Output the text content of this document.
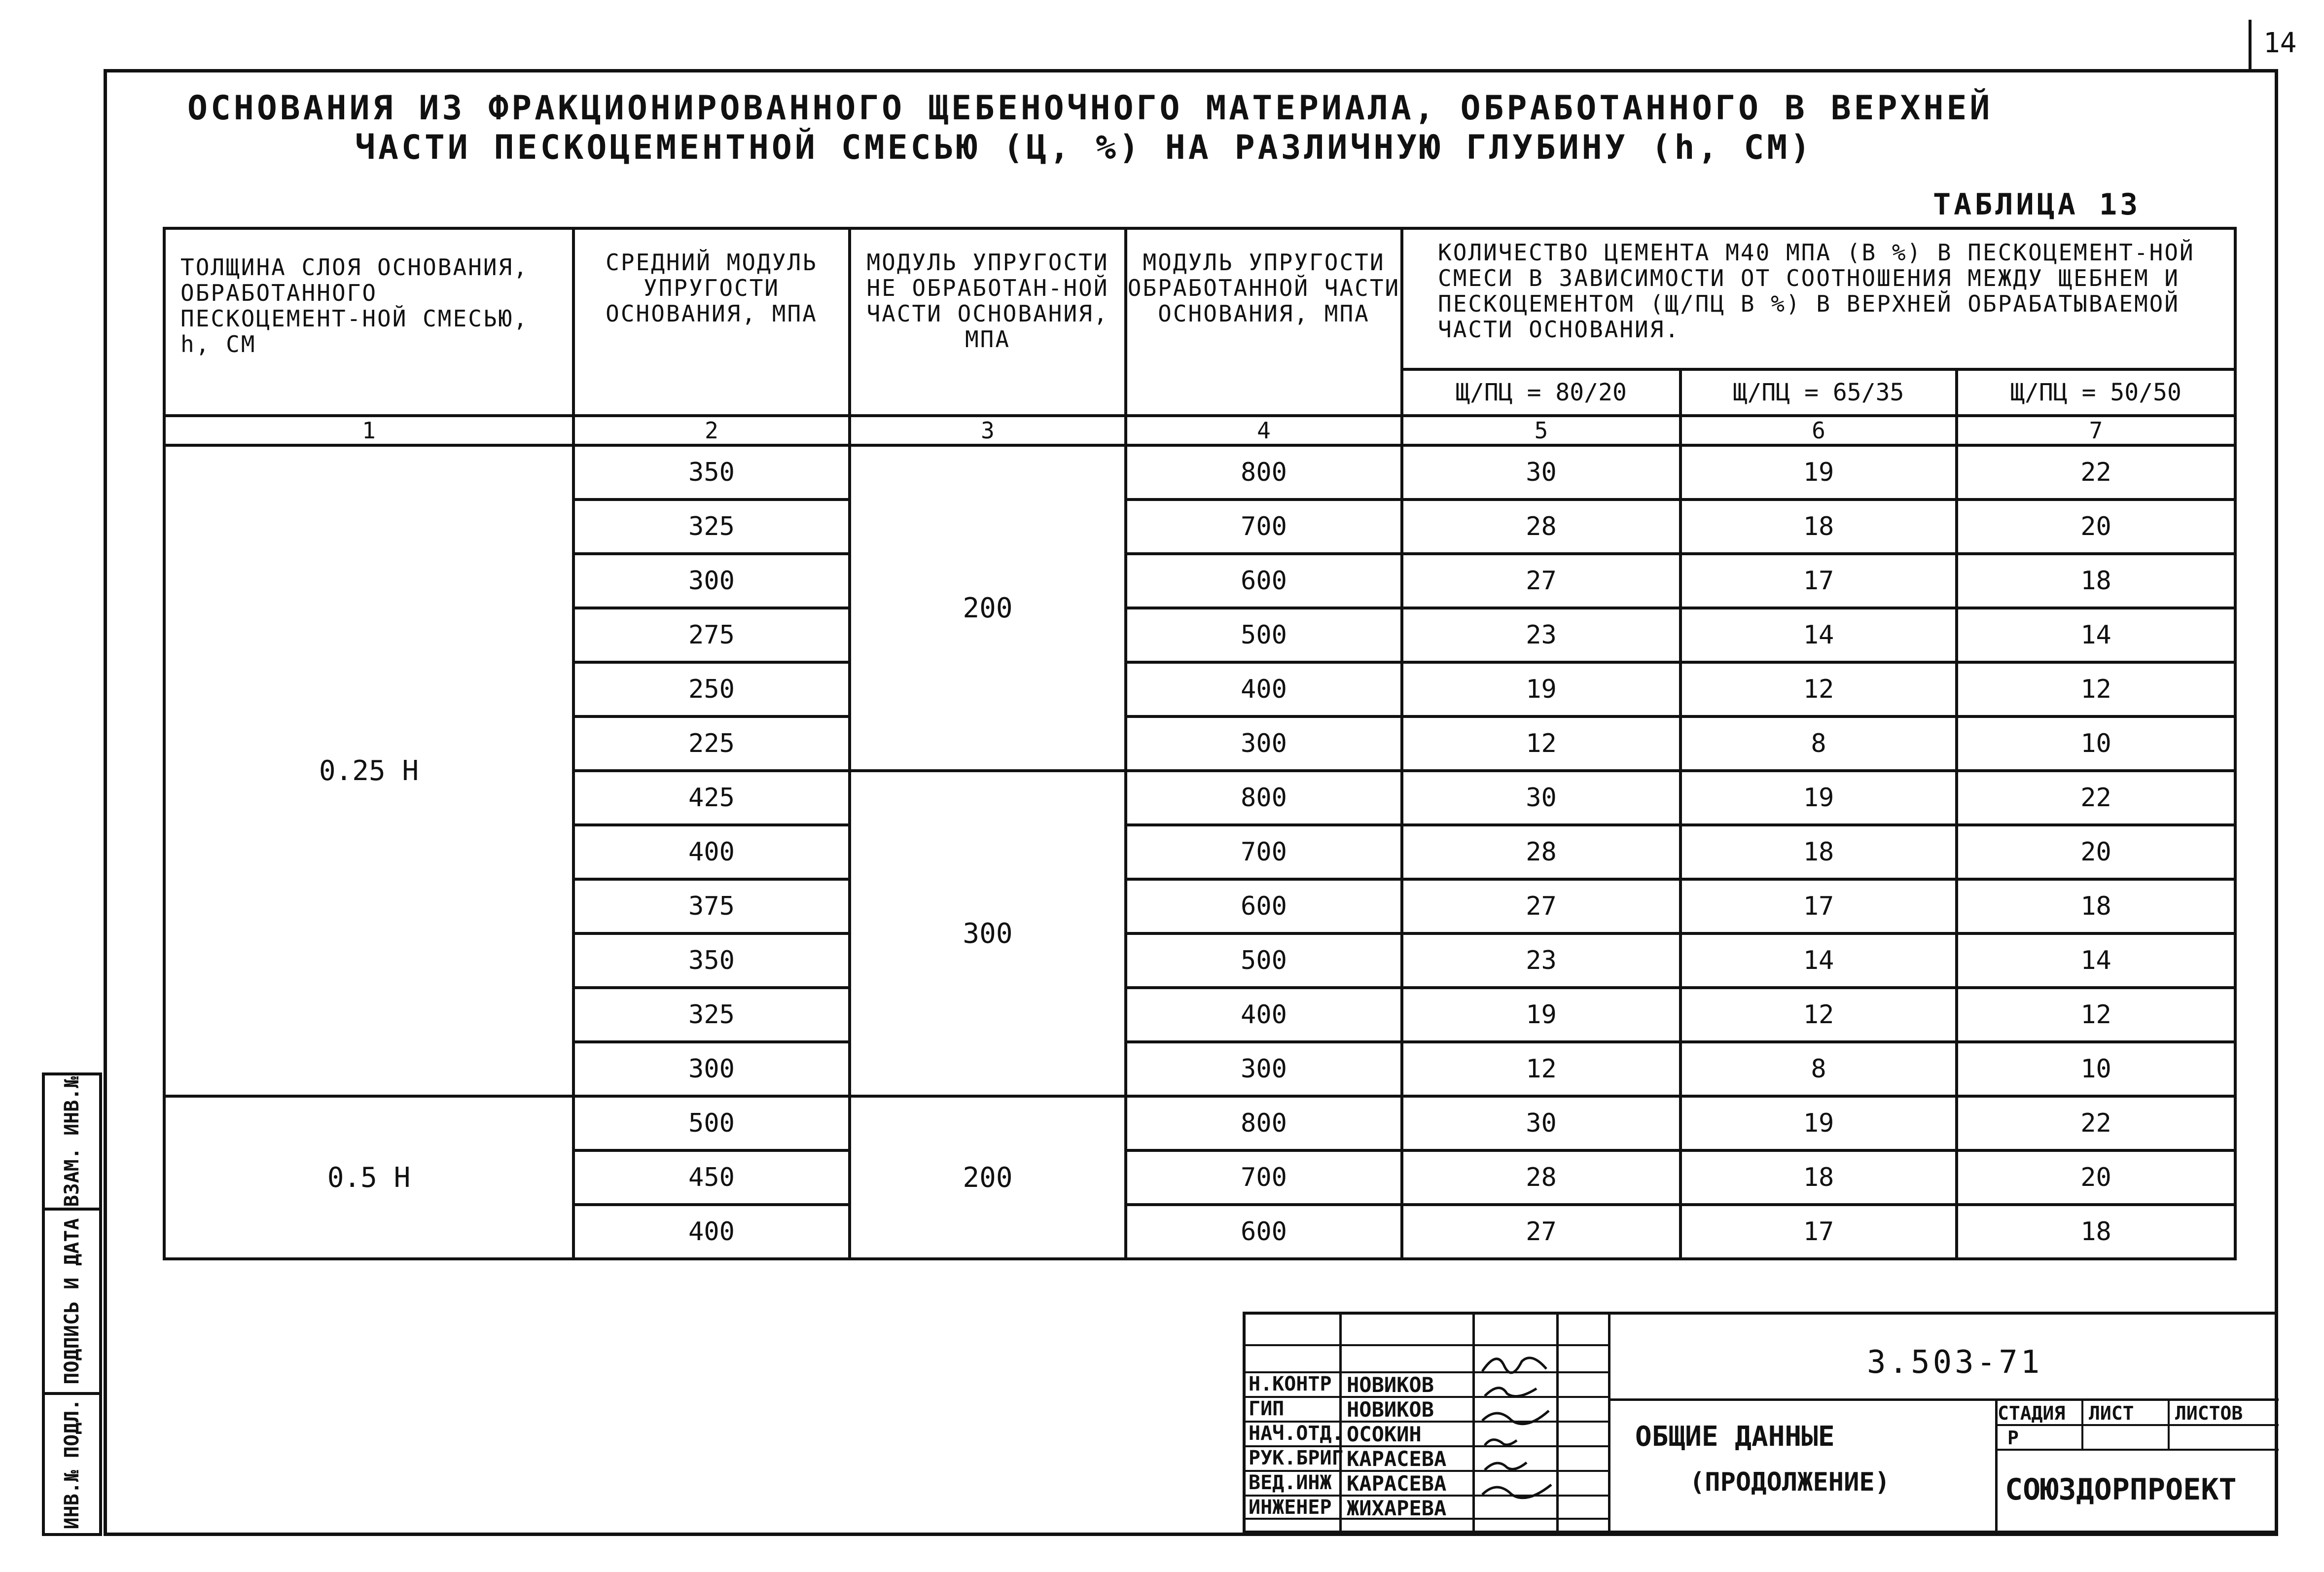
14
ОСНОВАНИЯ ИЗ ФРАКЦИОНИРОВАННОГО ЩЕБЕНОЧНОГО МАТЕРИАЛА, ОБРАБОТАННОГО В ВЕРХНЕЙ
ЧАСТИ ПЕСКОЦЕМЕНТНОЙ СМЕСЬЮ (Ц, %) НА РАЗЛИЧНУЮ ГЛУБИНУ (h, СМ)
ТАБЛИЦА 13
ТОЛЩИНА СЛОЯ ОСНОВАНИЯ, ОБРАБОТАННОГО ПЕСКОЦЕМЕНТ-НОЙ СМЕСЬЮ, h, СМ	СРЕДНИЙ МОДУЛЬ УПРУГОСТИ ОСНОВАНИЯ, МПА	МОДУЛЬ УПРУГОСТИ НЕ ОБРАБОТАН-НОЙ ЧАСТИ ОСНОВАНИЯ, МПА	МОДУЛЬ УПРУГОСТИ ОБРАБОТАННОЙ ЧАСТИ ОСНОВАНИЯ, МПА	КОЛИЧЕСТВО ЦЕМЕНТА М40 МПА (В %) В ПЕСКОЦЕМЕНТ-НОЙ СМЕСИ В ЗАВИСИМОСТИ ОТ СООТНОШЕНИЯ МЕЖДУ ЩЕБНЕМ И ПЕСКОЦЕМЕНТОМ (Щ/ПЦ В %) В ВЕРХНЕЙ ОБРАБАТЫВАЕМОЙ ЧАСТИ ОСНОВАНИЯ.		
				Щ/ПЦ = 80/20	Щ/ПЦ = 65/35	Щ/ПЦ = 50/50
1	2	3	4	5	6	7
0.25 H	350	200	800	30	19	22
	325		700	28	18	20
	300		600	27	17	18
	275		500	23	14	14
	250		400	19	12	12
	225		300	12	8	10
	425	300	800	30	19	22
	400		700	28	18	20
	375		600	27	17	18
	350		500	23	14	14
	325		400	19	12	12
	300		300	12	8	10
0.5 H	500	200	800	30	19	22
	450		700	28	18	20
	400		600	27	17	18
ВЗАМ. ИНВ.№
ПОДПИСЬ И ДАТА
ИНВ.№ ПОДЛ.
Н.КОНТР НОВИКОВ
ГИП	НОВИКОВ
НАЧ.ОТД. ОСОКИН
РУК.БРИГ КАРАСЕВА
ВЕД.ИНЖ КАРАСЕВА
ИНЖЕНЕР ЖИХАРЕВА
3.503-71
ОБЩИЕ ДАННЫЕ
(ПРОДОЛЖЕНИЕ)
СТАДИЯ ЛИСТ ЛИСТОВ
Р
СОЮЗДОРПРОЕКТ
